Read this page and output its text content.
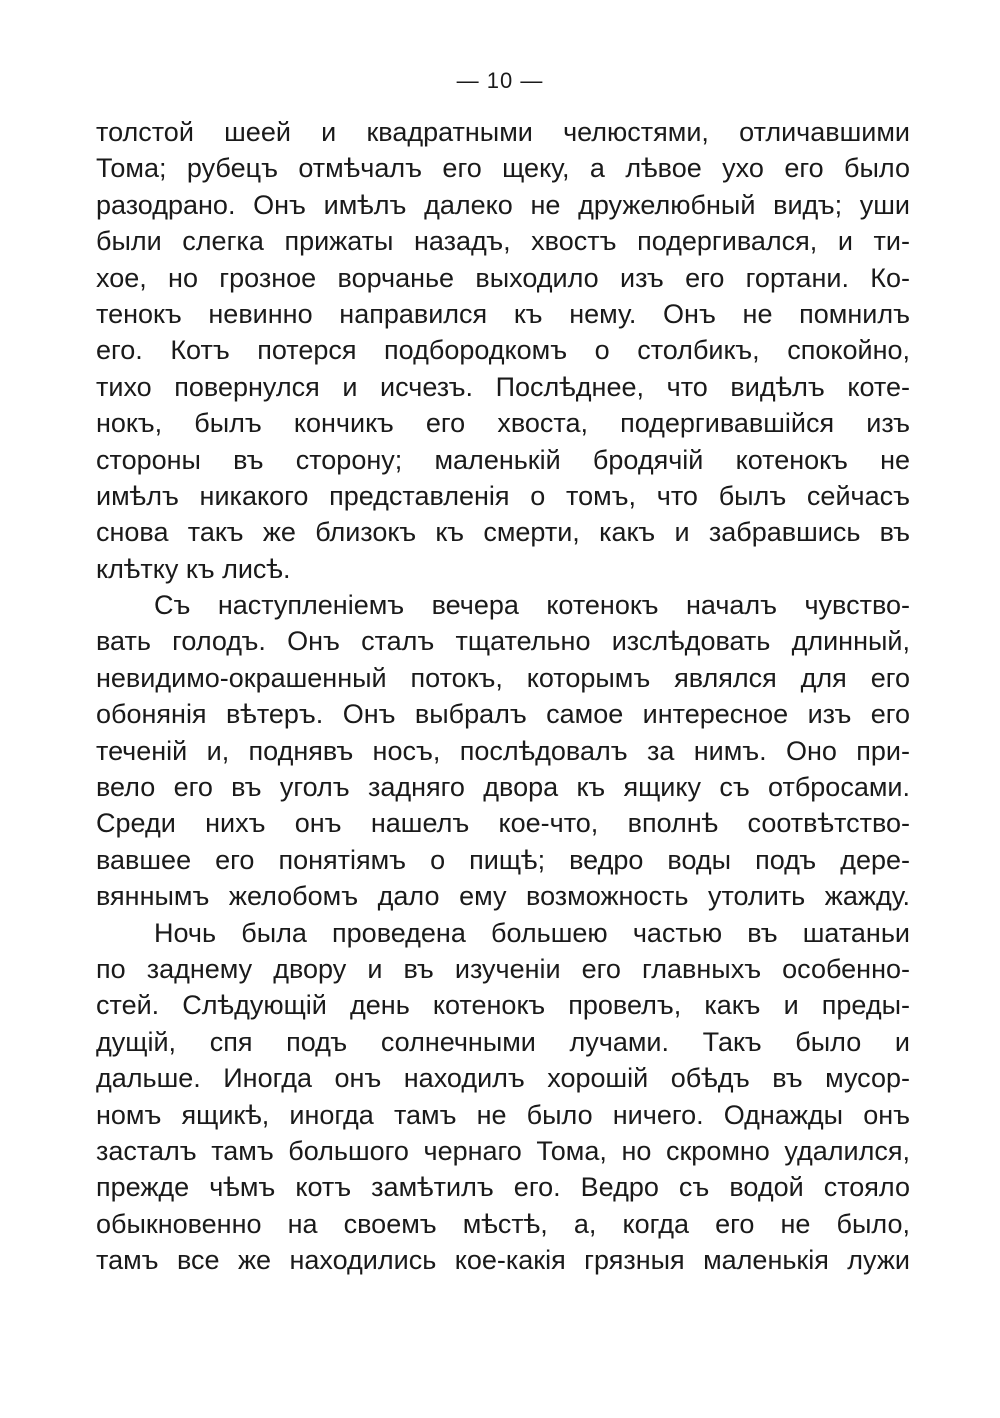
— 10 —
толстой шеей и квадратными челюстями, отличавшими
Тома; рубецъ отмѣчалъ его щеку, а лѣвое ухо его было
разодрано. Онъ имѣлъ далеко не дружелюбный видъ; уши
были слегка прижаты назадъ, хвостъ подергивался, и ти-
хое, но грозное ворчанье выходило изъ его гортани. Ко-
тенокъ невинно направился къ нему. Онъ не помнилъ
его. Котъ потерся подбородкомъ о столбикъ, спокойно,
тихо повернулся и исчезъ. Послѣднее, что видѣлъ коте-
нокъ, былъ кончикъ его хвоста, подергивавшійся изъ
стороны въ сторону; маленькій бродячій котенокъ не
имѣлъ никакого представленія о томъ, что былъ сейчасъ
снова такъ же близокъ къ смерти, какъ и забравшись въ
клѣтку къ лисѣ.
Съ наступленіемъ вечера котенокъ началъ чувство-
вать голодъ. Онъ сталъ тщательно изслѣдовать длинный,
невидимо-окрашенный потокъ, которымъ являлся для его
обонянія вѣтеръ. Онъ выбралъ самое интересное изъ его
теченій и, поднявъ носъ, послѣдовалъ за нимъ. Оно при-
вело его въ уголъ задняго двора къ ящику съ отбросами.
Среди нихъ онъ нашелъ кое-что, вполнѣ соотвѣтство-
вавшее его понятіямъ о пищѣ; ведро воды подъ дере-
вяннымъ желобомъ дало ему возможность утолить жажду.
Ночь была проведена большею частью въ шатаньи
по заднему двору и въ изученіи его главныхъ особенно-
стей. Слѣдующій день котенокъ провелъ, какъ и преды-
дущій, спя подъ солнечными лучами. Такъ было и
дальше. Иногда онъ находилъ хорошій обѣдъ въ мусор-
номъ ящикѣ, иногда тамъ не было ничего. Однажды онъ
засталъ тамъ большого чернаго Тома, но скромно удалился,
прежде чѣмъ котъ замѣтилъ его. Ведро съ водой стояло
обыкновенно на своемъ мѣстѣ, а, когда его не было,
тамъ все же находились кое-какія грязныя маленькія лужи
